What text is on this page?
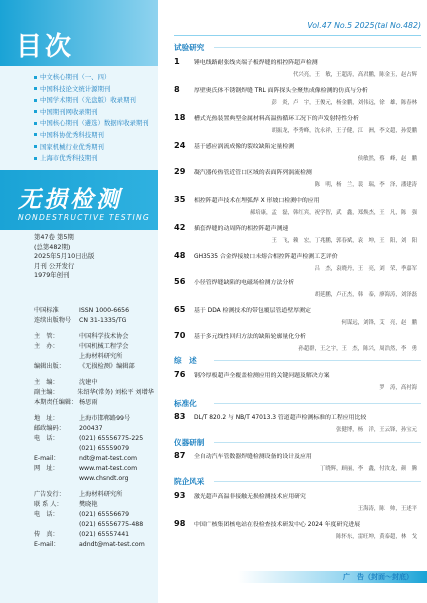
目次
中文核心期刊（一、四）
中国科技论文统计源期刊
中国学术期刊（光盘版）收录期刊
中国期刊网收录期刊
中国核心期刊（遴选）数据库收录期刊
中国科协优秀科技期刊
国家机械行业优秀期刊
上海市优秀科技期刊
无损检测
NONDESTRUCTIVE TESTING
第47卷 第5期
(总第482期)
2025年5月10日出版
月刊 公开发行
1979年创刊
中国标准	ISSN 1000-6656
连续出版物号	CN 31-1335/TG
主　管：	中国科学技术协会
主　办：	中国机械工程学会
上海材料研究所
编辑出版：	《无损检测》编辑部
主　编：	沈建中
副主编：	朱绍华(常务) 刘松平 刘增华
本期责任编辑： 杨思雨
地　址：	上海市邯郸路99号
邮政编码：	200437
电　话：	(021) 65556775-225
(021) 65559079
E-mail：	ndt@mat-test.com
网　址：	www.mat-test.com
www.chsndt.org
广告发行：	上海材料研究所
联 系 人：	樊晓艳
电　话：	(021) 65556679
(021) 65556775-488
传　真：	(021) 65557441
E-mail：	adndt@mat-test.com
Vol.47 No.5 2025(tal No.482)
试验研究
综　述
标准化
仪器研制
院企风采
1 锤电线路耐张线夹端子板焊缝的相控阵超声检测
代兴亮，王　敏，王超涛，高君鹏，陈金玉，赵占辉
8 厚壁奥氏体不锈钢焊缝 TRL 面阵探头全聚焦成像检测的仿真与分析
彭　炎，卢　宇，王俊元，杨金鹏，刘伟远，徐　雄，陈春林
18 槽式光热装置典型金属材料高温热循环工况下的声发射特性分析
胡振龙，李秀峰，沈永祥，王子健，江　洲，李文超，孙爱鹏
24 基于感应涡流成像的裂纹缺陷定量检测
侯敏然，蔡　峰，赵　鹏
29 凝汽器传热管近管口区域的表面阵列涡流检测
陈　明，杨　兰，裴　瑞，李　泽，潘建涛
35 相控阵超声技术在埋弧焊 X 形坡口检测中的应用
郝培康，孟　磊，韩红宾，祝学智，武　鑫，郑焕杰，王　凡，陈　强
42 插套焊缝的动周阵的相控阵超声测速
王　飞，赖　宏，丁兆鹏，郭春斌，袁　坤，王　阳，刘　阳
48 GH3535 合金焊接坡口未熔合相控阵超声检测工艺评价
吕　杰，袁晓丹，王　亮，刘　荣，季嘉军
56 小径管焊缝缺陷的电磁场检测方法分析
胡延鹏，卢正杰，韩　泰，廖海涛，刘泽磊
65 基于 DDA 检测技术的带包覆层管道壁厚测定
何谋远，刘锋，艾　亮，赵　鹏
70 基于多元线性回归方法的缺陷轮廓量化分析
孙超群，王之宇，王　杰，陈兴，周浩然，李　勇
76 钢冷厚板超声全覆盖检测应用的关键问题及解决方案
罗　涛，高衬海
83 DL/T 820.2 与 NB/T 47013.3 管道超声检测标准的工程应用比较
张健博，杨　洋，王云锋，孙宝元
87 全自动汽车管数器焊缝检测设备的设计及应用
丁晓辉，顾丽，李　鑫，付汝龙，颜　腾
93 激光超声高温非接触无损检测技术应用研究
王海涛，陈　帅，王述平
98 中国广核集团核电站在役检查技术研发中心 2024 年度研究进展
陈怀东，雷旺坤，黄泰超，林　戈
广　告（封面～封底）
